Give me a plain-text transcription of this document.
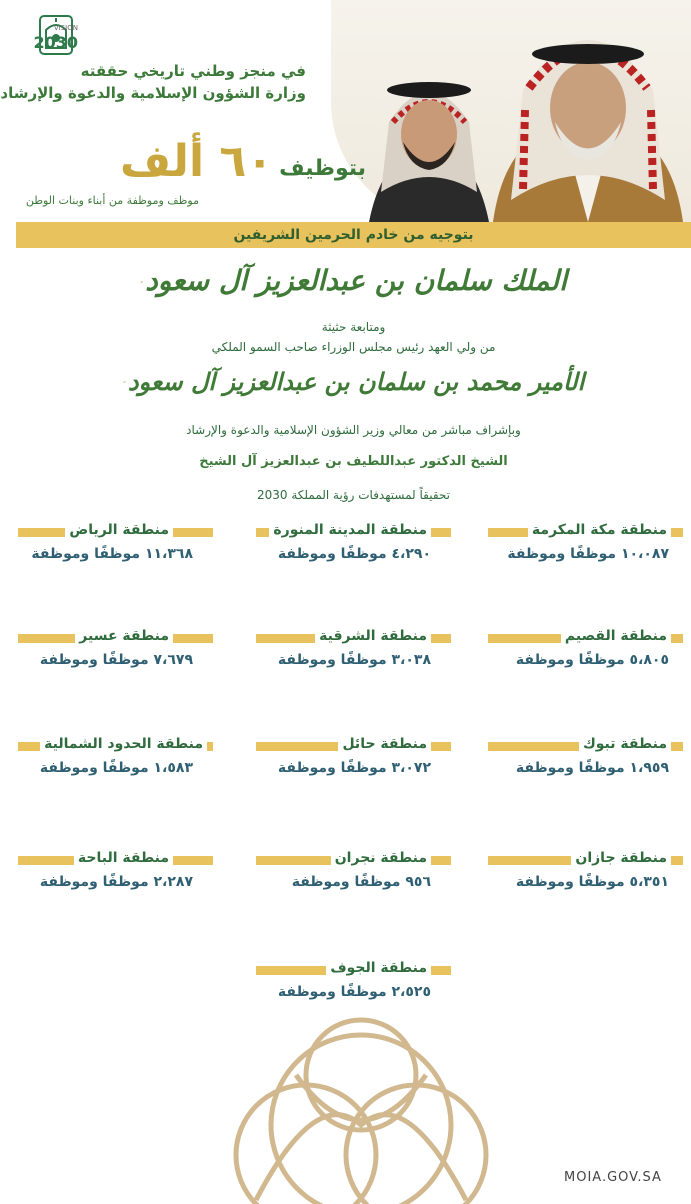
VISION
2030
في منجز وطني تاريخي حققته
وزارة الشؤون الإسلامية والدعوة والإرشاد
بتوظيف
٦٠ ألف
موظف وموظفة من أبناء وبنات الوطن
بتوجيه من خادم الحرمين الشريفين
الملك سلمان بن عبدالعزيز آل سعود
ومتابعة حثيثة
من ولي العهد رئيس مجلس الوزراء صاحب السمو الملكي
الأمير محمد بن سلمان بن عبدالعزيز آل سعود
وبإشراف مباشر من معالي وزير الشؤون الإسلامية والدعوة والإرشاد
الشيخ الدكتور عبداللطيف بن عبدالعزيز آل الشيخ
تحقيقاً لمستهدفات رؤية المملكة 2030
منطقة مكة المكرمة
١٠،٠٨٧ موظفًا وموظفة
منطقة المدينة المنورة
٤،٢٩٠ موظفًا وموظفة
منطقة الرياض
١١،٣٦٨ موظفًا وموظفة
منطقة القصيم
٥،٨٠٥ موظفًا وموظفة
منطقة الشرقية
٣،٠٣٨ موظفًا وموظفة
منطقة عسير
٧،٦٧٩ موظفًا وموظفة
منطقة تبوك
١،٩٥٩ موظفًا وموظفة
منطقة حائل
٣،٠٧٢ موظفًا وموظفة
منطقة الحدود الشمالية
١،٥٨٣ موظفًا وموظفة
منطقة جازان
٥،٣٥١ موظفًا وموظفة
منطقة نجران
٩٥٦ موظفًا وموظفة
منطقة الباحة
٢،٢٨٧ موظفًا وموظفة
منطقة الجوف
٢،٥٢٥ موظفًا وموظفة
MOIA.GOV.SA
